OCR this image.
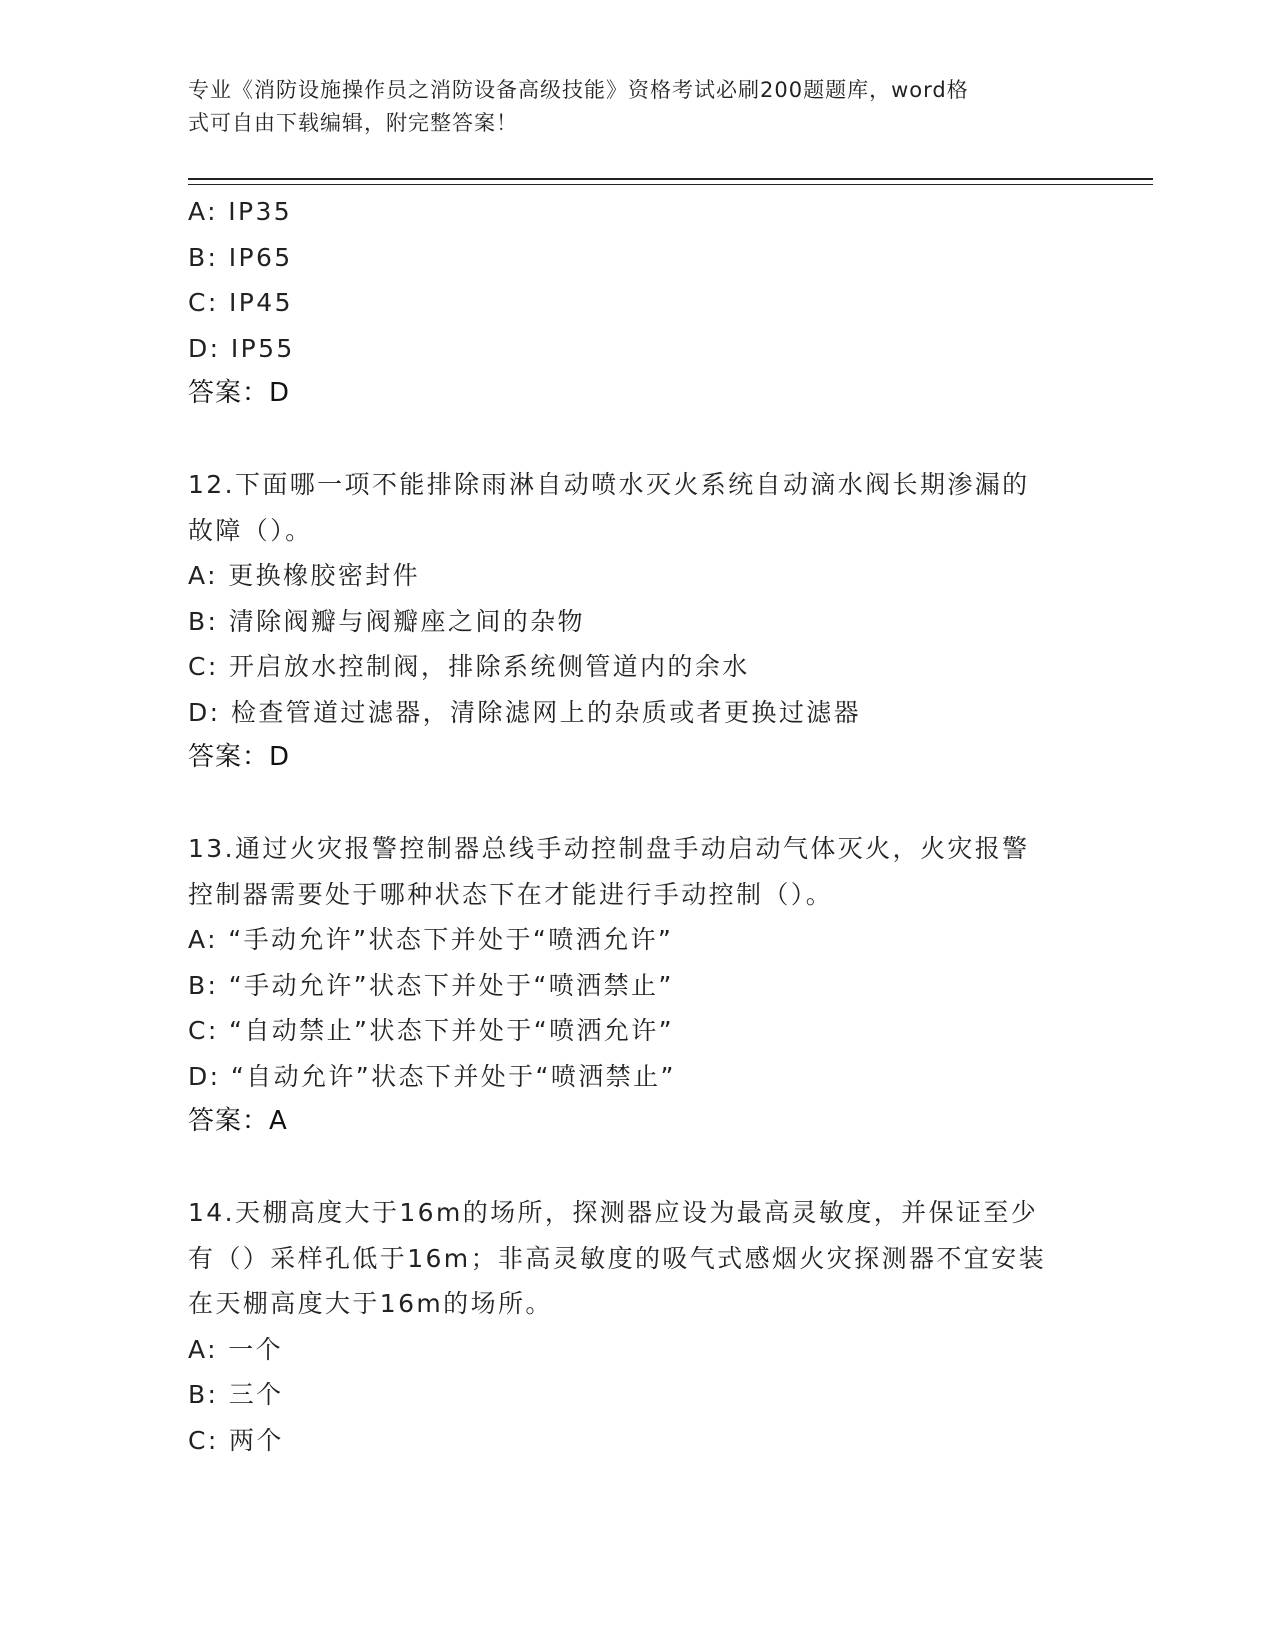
专业《消防设施操作员之消防设备高级技能》资格考试必刷200题题库，word格
式可自由下载编辑，附完整答案！
A: IP35
B: IP65
C: IP45
D: IP55
答案：D
12.下面哪一项不能排除雨淋自动喷水灭火系统自动滴水阀长期渗漏的
故障（）。
A: 更换橡胶密封件
B: 清除阀瓣与阀瓣座之间的杂物
C: 开启放水控制阀，排除系统侧管道内的余水
D: 检查管道过滤器，清除滤网上的杂质或者更换过滤器
答案：D
13.通过火灾报警控制器总线手动控制盘手动启动气体灭火，火灾报警
控制器需要处于哪种状态下在才能进行手动控制（）。
A: “手动允许”状态下并处于“喷洒允许”
B: “手动允许”状态下并处于“喷洒禁止”
C: “自动禁止”状态下并处于“喷洒允许”
D: “自动允许”状态下并处于“喷洒禁止”
答案：A
14.天棚高度大于16m的场所，探测器应设为最高灵敏度，并保证至少
有（）采样孔低于16m；非高灵敏度的吸气式感烟火灾探测器不宜安装
在天棚高度大于16m的场所。
A: 一个
B: 三个
C: 两个
